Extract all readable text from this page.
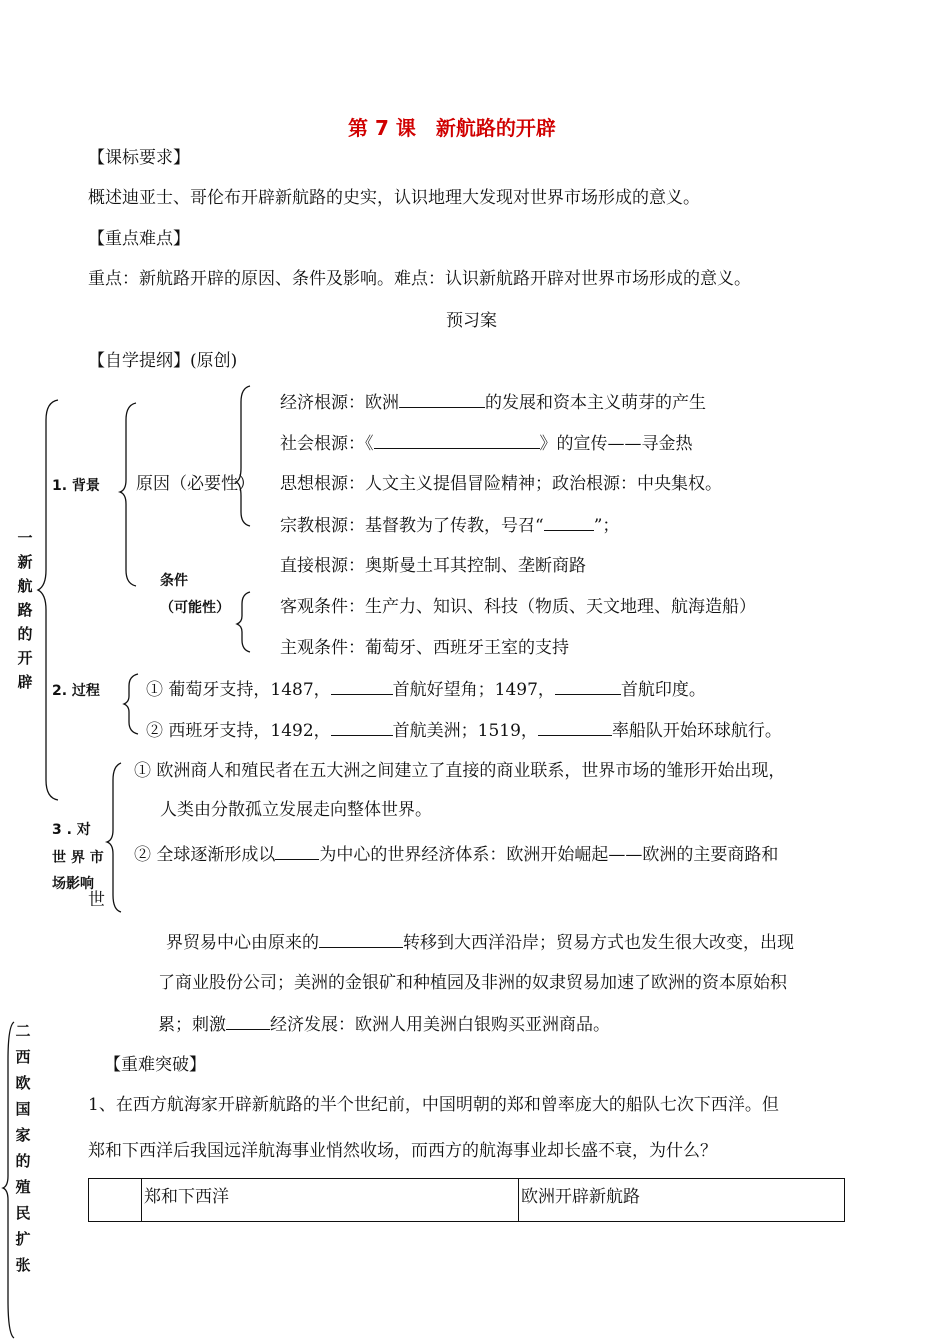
第 7 课　新航路的开辟
【课标要求】
概述迪亚士、哥伦布开辟新航路的史实，认识地理大发现对世界市场形成的意义。
【重点难点】
重点：新航路开辟的原因、条件及影响。难点：认识新航路开辟对世界市场形成的意义。
预习案
【自学提纲】(原创)
一
新
航
路
的
开
辟
1. 背景 原因（必要性）
经济根源：欧洲	的发展和资本主义萌芽的产生
社会根源：《	》的宣传——寻金热
思想根源：人文主义提倡冒险精神；政治根源：中央集权。
宗教根源：基督教为了传教，号召“	”；
直接根源：奥斯曼土耳其控制、垄断商路
条件
（可能性）	客观条件：生产力、知识、科技（物质、天文地理、航海造船）
主观条件：葡萄牙、西班牙王室的支持
2. 过程	① 葡萄牙支持，1487，	首航好望角；1497，	首航印度。
② 西班牙支持，1492，	首航美洲；1519，	率船队开始环球航行。
3 . 对
世 界 市
场影响
世
① 欧洲商人和殖民者在五大洲之间建立了直接的商业联系，世界市场的雏形开始出现，
人类由分散孤立发展走向整体世界。
② 全球逐渐形成以	为中心的世界经济体系：欧洲开始崛起——欧洲的主要商路和
界贸易中心由原来的	转移到大西洋沿岸；贸易方式也发生很大改变，出现
了商业股份公司；美洲的金银矿和种植园及非洲的奴隶贸易加速了欧洲的资本原始积
累；刺激	经济发展：欧洲人用美洲白银购买亚洲商品。
二
西
欧
国
家
的
殖
民
扩
张
【重难突破】
1、在西方航海家开辟新航路的半个世纪前，中国明朝的郑和曾率庞大的船队七次下西洋。但
郑和下西洋后我国远洋航海事业悄然收场，而西方的航海事业却长盛不衰，为什么？
	郑和下西洋	欧洲开辟新航路
